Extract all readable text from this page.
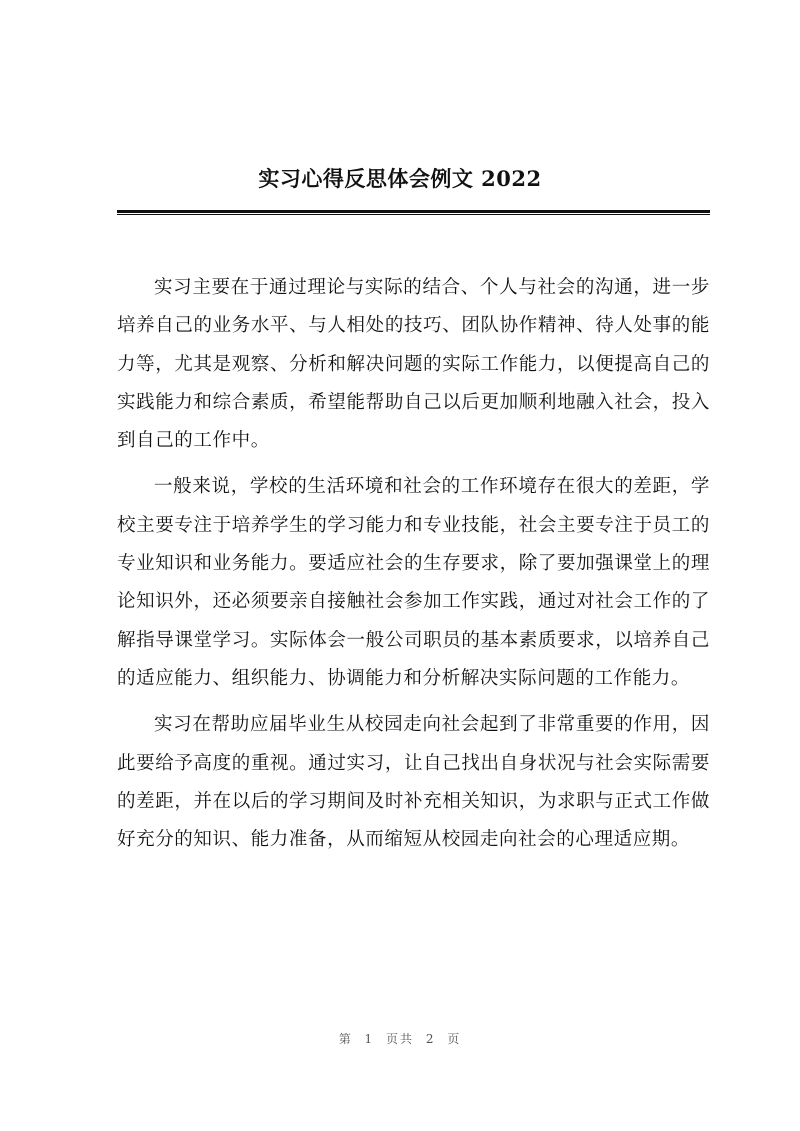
实习心得反思体会例文 2022

实习主要在于通过理论与实际的结合、个人与社会的沟通，进一步培养自己的业务水平、与人相处的技巧、团队协作精神、待人处事的能力等，尤其是观察、分析和解决问题的实际工作能力，以便提高自己的实践能力和综合素质，希望能帮助自己以后更加顺利地融入社会，投入到自己的工作中。

一般来说，学校的生活环境和社会的工作环境存在很大的差距，学校主要专注于培养学生的学习能力和专业技能，社会主要专注于员工的专业知识和业务能力。要适应社会的生存要求，除了要加强课堂上的理论知识外，还必须要亲自接触社会参加工作实践，通过对社会工作的了解指导课堂学习。实际体会一般公司职员的基本素质要求，以培养自己的适应能力、组织能力、协调能力和分析解决实际问题的工作能力。

实习在帮助应届毕业生从校园走向社会起到了非常重要的作用，因此要给予高度的重视。通过实习，让自己找出自身状况与社会实际需要的差距，并在以后的学习期间及时补充相关知识，为求职与正式工作做好充分的知识、能力准备，从而缩短从校园走向社会的心理适应期。

第 1 页共 2 页
